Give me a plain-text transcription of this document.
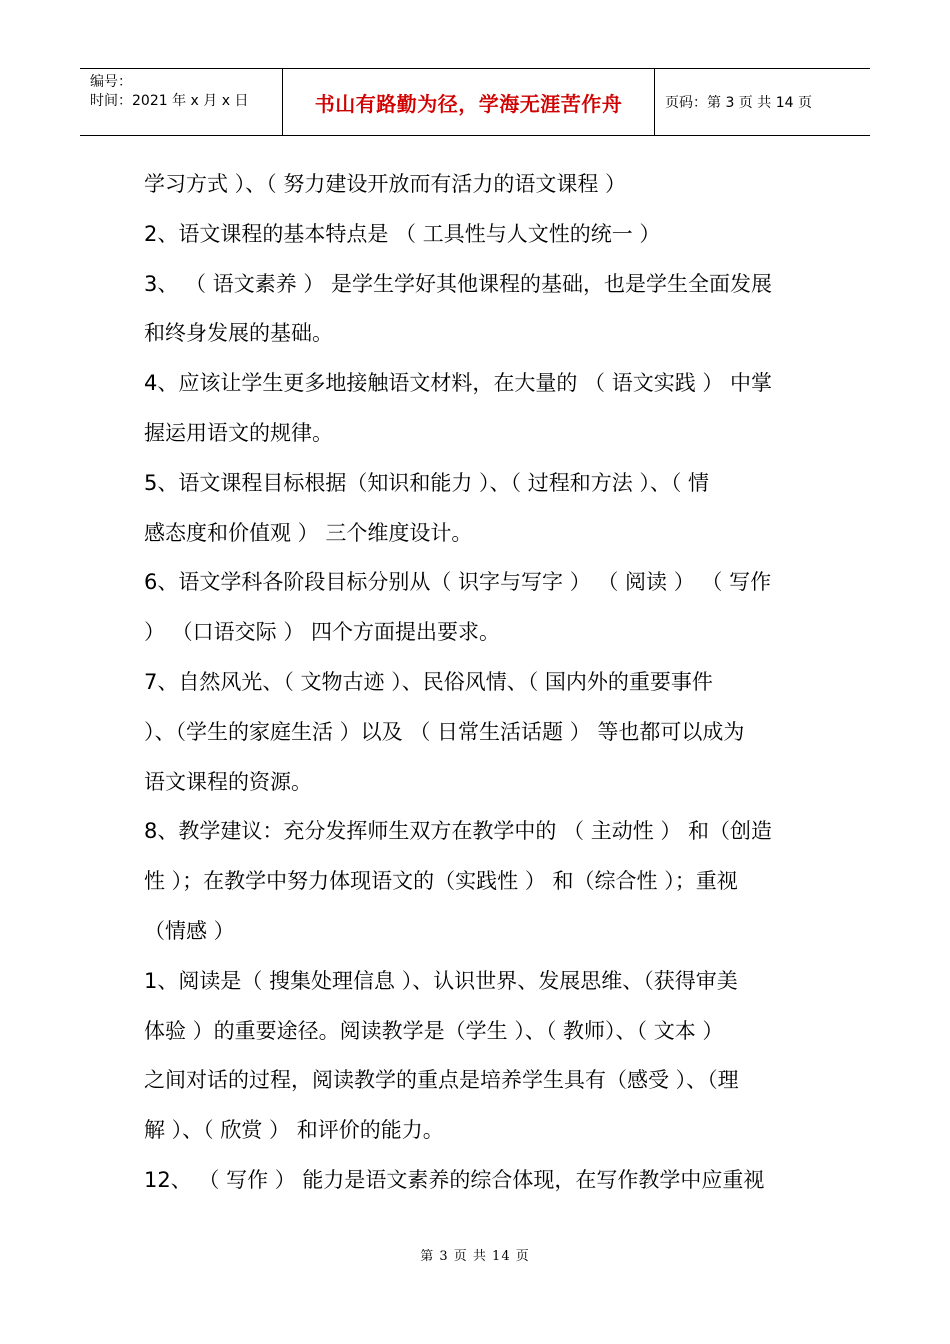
编号：
时间：2021 年 x 月 x 日	书山有路勤为径，学海无涯苦作舟	页码：第 3 页 共 14 页
学习方式 ）、（ 努力建设开放而有活力的语文课程 ）
2、语文课程的基本特点是 （ 工具性与人文性的统一 ）
3、 （ 语文素养 ） 是学生学好其他课程的基础，也是学生全面发展
和终身发展的基础。
4、应该让学生更多地接触语文材料，在大量的 （ 语文实践 ） 中掌
握运用语文的规律。
5、语文课程目标根据（知识和能力 ）、（ 过程和方法 ）、（ 情
感态度和价值观 ） 三个维度设计。
6、语文学科各阶段目标分别从（ 识字与写字 ） （ 阅读 ） （ 写作
） （口语交际 ） 四个方面提出要求。
7、自然风光、（ 文物古迹 ）、民俗风情、（ 国内外的重要事件
）、（学生的家庭生活 ）以及 （ 日常生活话题 ） 等也都可以成为
语文课程的资源。
8、教学建议：充分发挥师生双方在教学中的 （ 主动性 ） 和（创造
性 ）；在教学中努力体现语文的（实践性 ） 和（综合性 ）；重视
（情感 ）
1、阅读是（ 搜集处理信息 ）、认识世界、发展思维、（获得审美
体验 ）的重要途径。阅读教学是（学生 ）、（ 教师）、（ 文本 ）
之间对话的过程，阅读教学的重点是培养学生具有（感受 ）、（理
解 ）、（ 欣赏 ） 和评价的能力。
12、 （ 写作 ） 能力是语文素养的综合体现，在写作教学中应重视
第 3 页 共 14 页
